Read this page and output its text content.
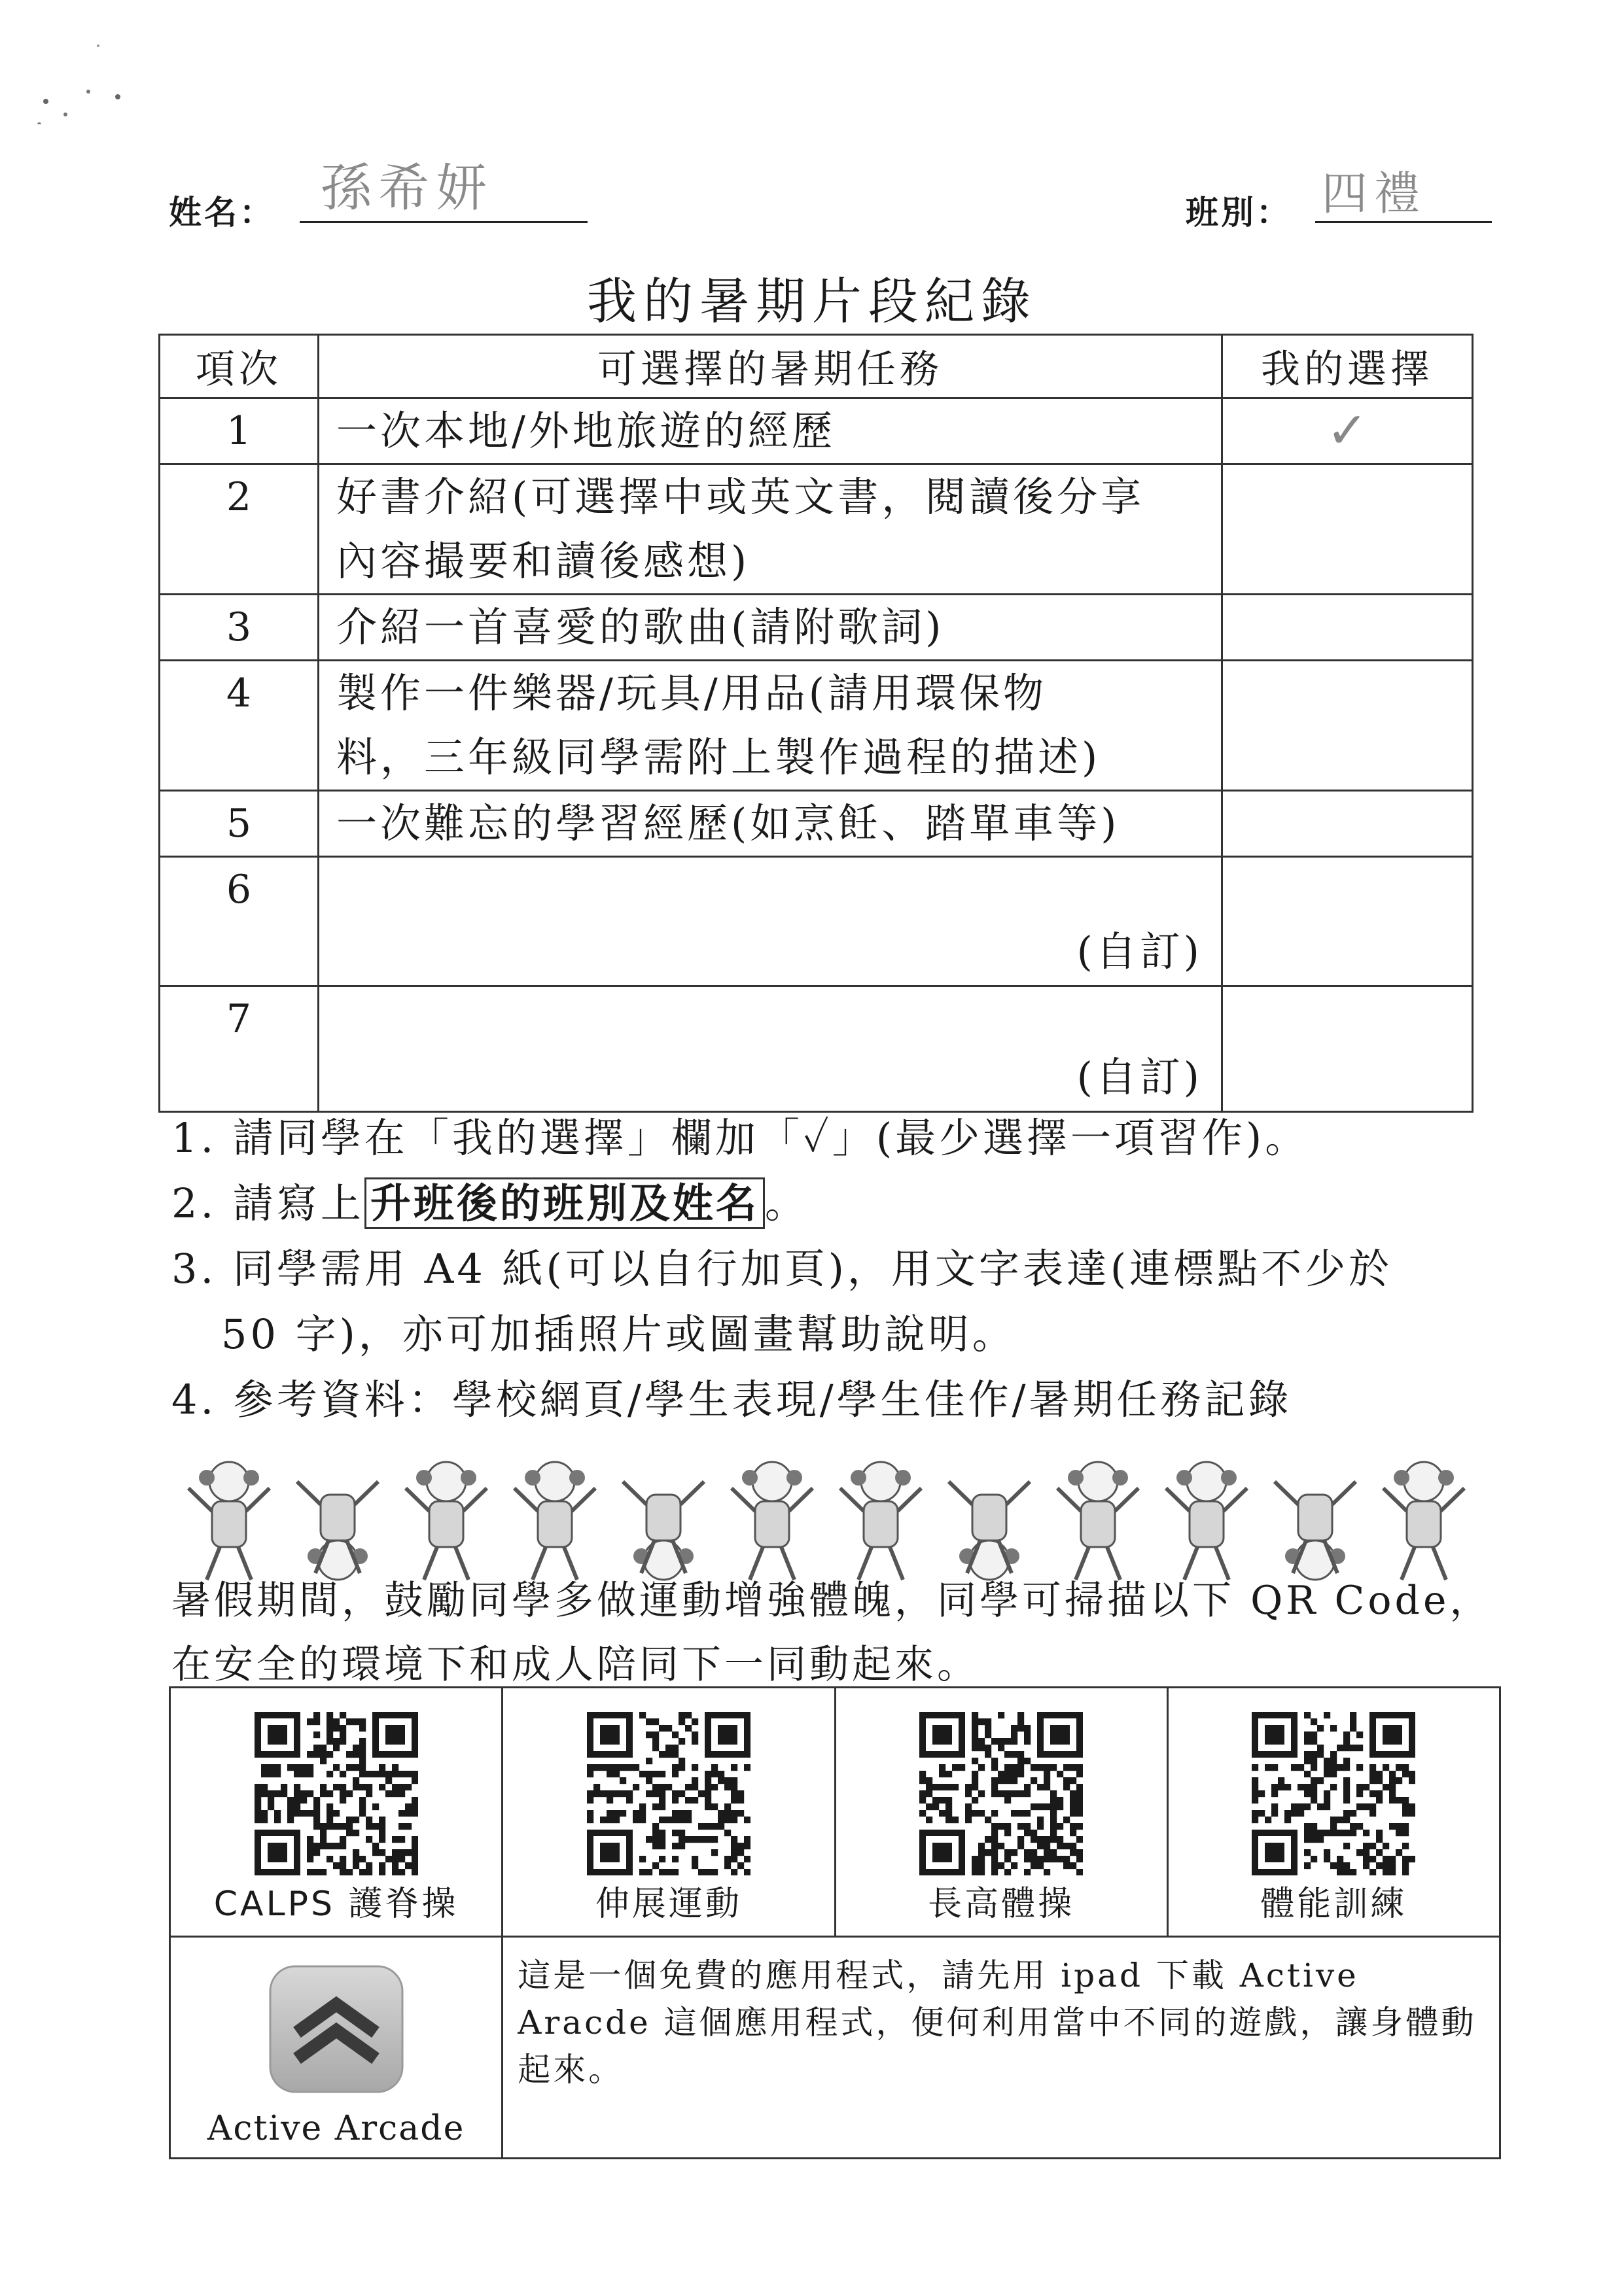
姓名： 孫希妍	班別： 四禮
我的暑期片段紀錄
項次	可選擇的暑期任務	我的選擇

1	一次本地/外地旅遊的經歷	✓

2	好書介紹(可選擇中或英文書，閱讀後分享
內容撮要和讀後感想)	

3	介紹一首喜愛的歌曲(請附歌詞)	

4	製作一件樂器/玩具/用品(請用環保物
料，三年級同學需附上製作過程的描述)	

5	一次難忘的學習經歷(如烹飪、踏單車等)	

6	(自訂)	

7	(自訂)	

1. 請同學在「我的選擇」欄加「✓」(最少選擇一項習作)。

2. 請寫上 升班後的班別及姓名 。

3. 同學需用 A4 紙(可以自行加頁)，用文字表達(連標點不少於

50 字)，亦可加插照片或圖畫幫助說明。

4. 參考資料：學校網頁/學生表現/學生佳作/暑期任務記錄

暑假期間，鼓勵同學多做運動增強體魄，同學可掃描以下 QR Code，

在安全的環境下和成人陪同下一同動起來。

CALPS 護脊操	伸展運動	長高體操	體能訓練

Active Arcade	這是一個免費的應用程式，請先用 ipad 下載 Active Aracde 這個應用程式，便何利用當中不同的遊戲，讓身體動起來。		
